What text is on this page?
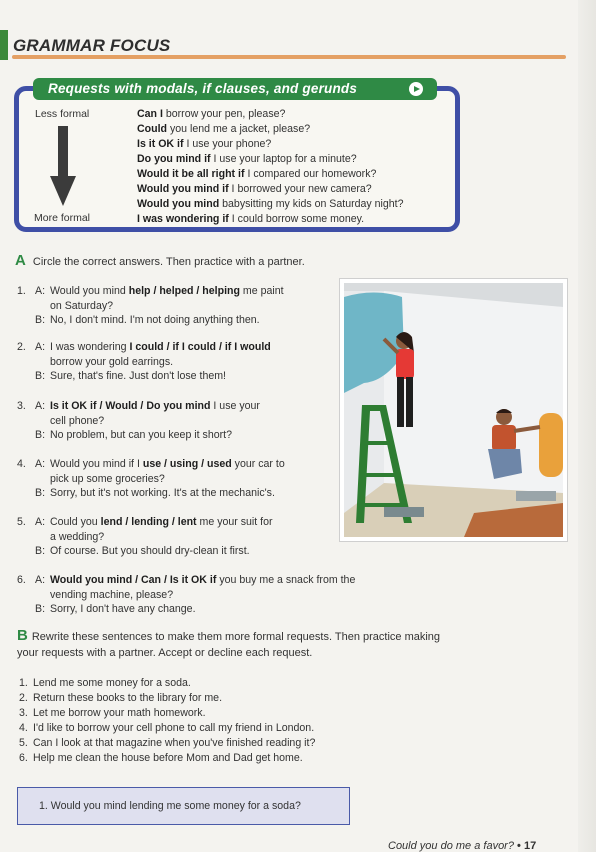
GRAMMAR FOCUS
Requests with modals, if clauses, and gerunds
Less formal
More formal
Can I borrow your pen, please?
Could you lend me a jacket, please?
Is it OK if I use your phone?
Do you mind if I use your laptop for a minute?
Would it be all right if I compared our homework?
Would you mind if I borrowed your new camera?
Would you mind babysitting my kids on Saturday night?
I was wondering if I could borrow some money.
A Circle the correct answers. Then practice with a partner.
1. A: Would you mind help / helped / helping me paint
on Saturday?
B: No, I don't mind. I'm not doing anything then.
2. A: I was wondering I could / if I could / if I would
borrow your gold earrings.
B: Sure, that's fine. Just don't lose them!
3. A: Is it OK if / Would / Do you mind I use your
cell phone?
B: No problem, but can you keep it short?
4. A: Would you mind if I use / using / used your car to
pick up some groceries?
B: Sorry, but it's not working. It's at the mechanic's.
5. A: Could you lend / lending / lent me your suit for
a wedding?
B: Of course. But you should dry-clean it first.
6. A: Would you mind / Can / Is it OK if you buy me a snack from the
vending machine, please?
B: Sorry, I don't have any change.
B Rewrite these sentences to make them more formal requests. Then practice making your requests with a partner. Accept or decline each request.
1. Lend me some money for a soda.
2. Return these books to the library for me.
3. Let me borrow your math homework.
4. I'd like to borrow your cell phone to call my friend in London.
5. Can I look at that magazine when you've finished reading it?
6. Help me clean the house before Mom and Dad get home.
1. Would you mind lending me some money for a soda?
Could you do me a favor? • 17
